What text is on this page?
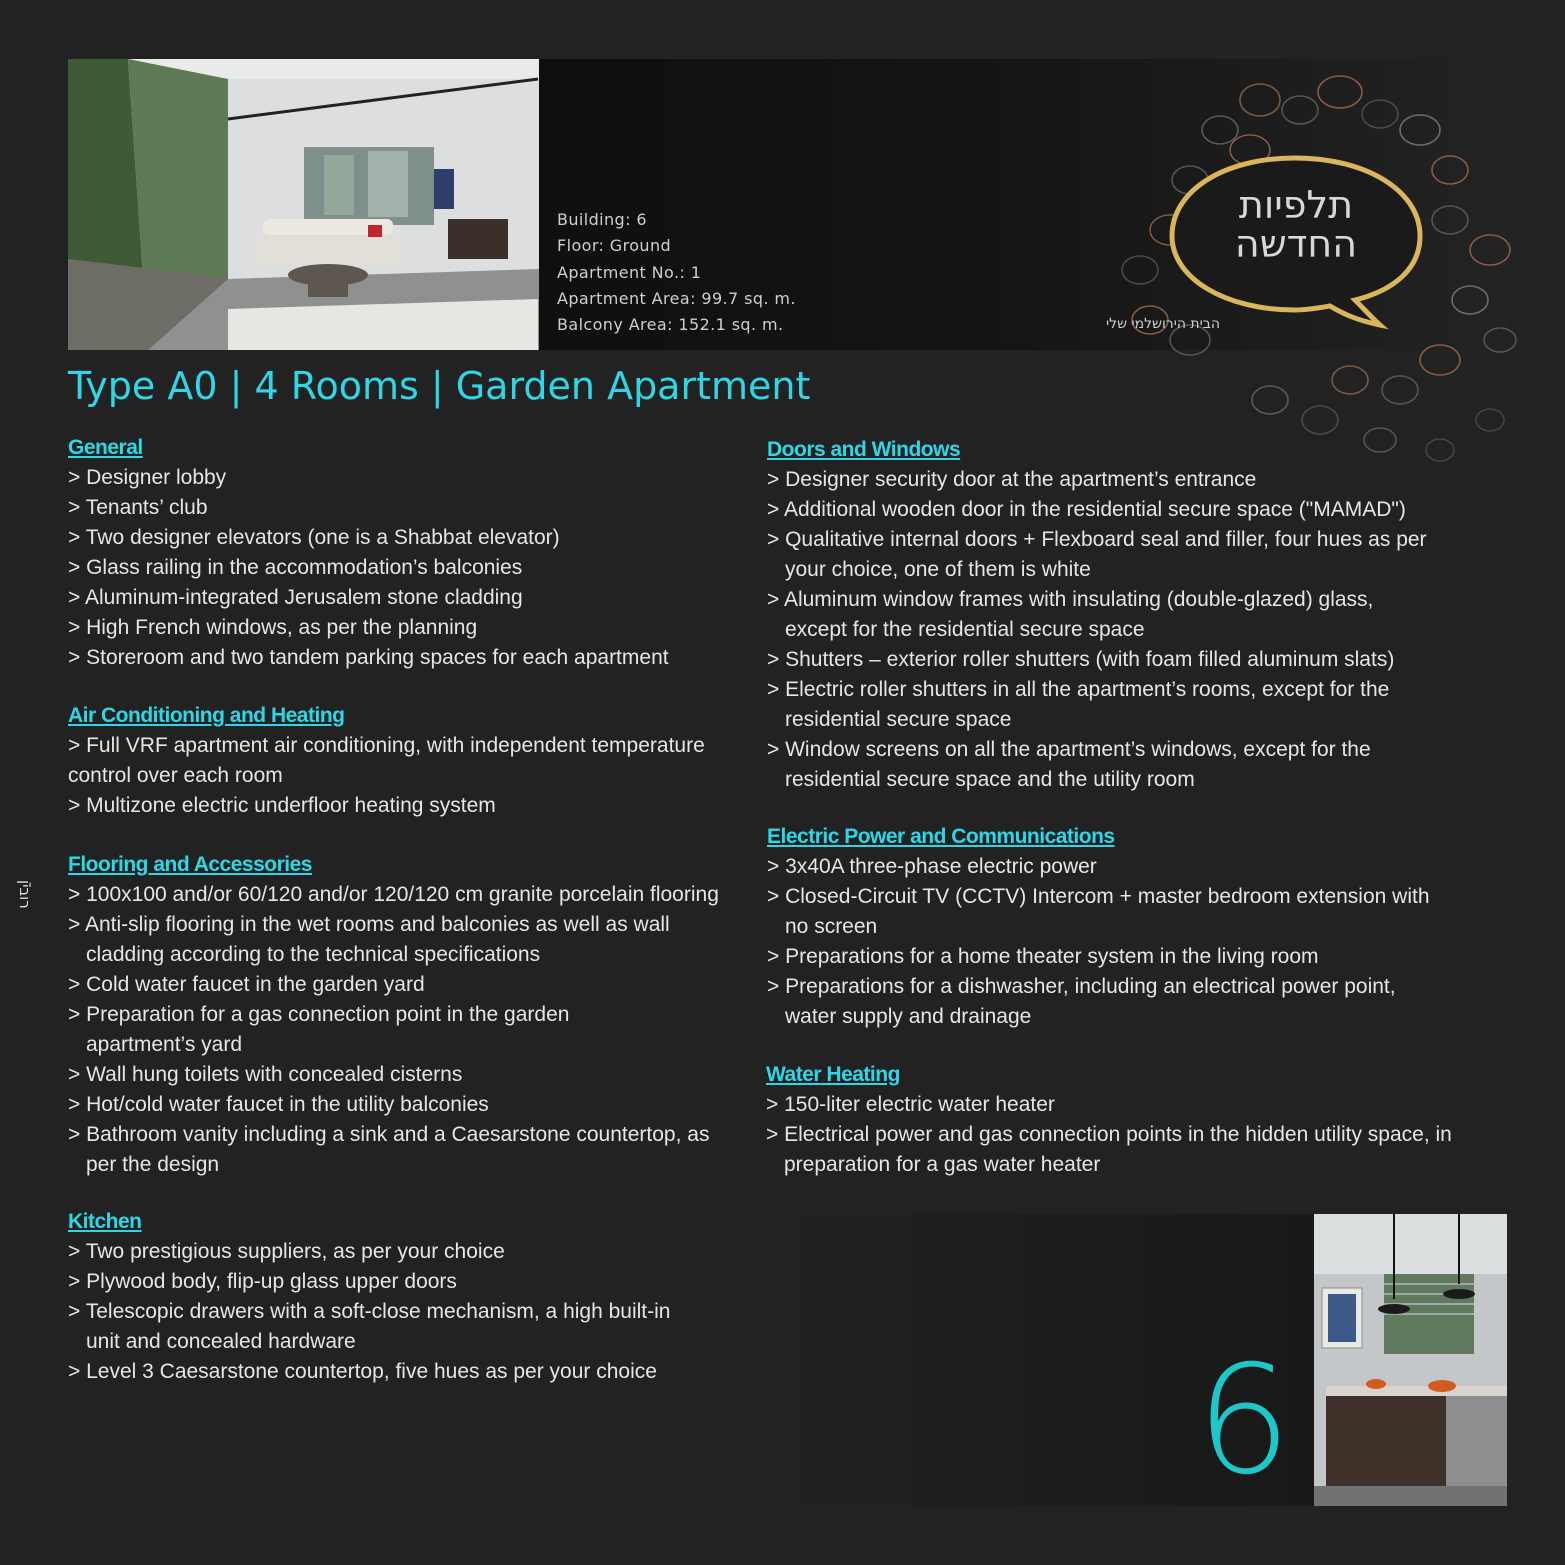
תלפיות
החדשה
הבית הירושלמי שלי
Building: 6
Floor: Ground
Apartment No.: 1
Apartment Area: 99.7 sq. m.
Balcony Area: 152.1 sq. m.
Type A0 | 4 Rooms | Garden Apartment
General
> Designer lobby
> Tenants’ club
> Two designer elevators (one is a Shabbat elevator)
> Glass railing in the accommodation’s balconies
> Aluminum-integrated Jerusalem stone cladding
> High French windows, as per the planning
> Storeroom and two tandem parking spaces for each apartment
Air Conditioning and Heating
> Full VRF apartment air conditioning, with independent temperature control over each room
> Multizone electric underfloor heating system
Flooring and Accessories
> 100x100 and/or 60/120 and/or 120/120 cm granite porcelain flooring
> Anti-slip flooring in the wet rooms and balconies as well as wall cladding according to the technical specifications
> Cold water faucet in the garden yard
> Preparation for a gas connection point in the garden apartment’s yard
> Wall hung toilets with concealed cisterns
> Hot/cold water faucet in the utility balconies
> Bathroom vanity including a sink and a Caesarstone countertop, as per the design
Kitchen
> Two prestigious suppliers, as per your choice
> Plywood body, flip-up glass upper doors
> Telescopic drawers with a soft-close mechanism, a high built-in unit and concealed hardware
> Level 3 Caesarstone countertop, five hues as per your choice
Doors and Windows
> Designer security door at the apartment’s entrance
> Additional wooden door in the residential secure space ("MAMAD")
> Qualitative internal doors + Flexboard seal and filler, four hues as per your choice, one of them is white
> Aluminum window frames with insulating (double-glazed) glass, except for the residential secure space
> Shutters – exterior roller shutters (with foam filled aluminum slats)
> Electric roller shutters in all the apartment’s rooms, except for the residential secure space
> Window screens on all the apartment’s windows, except for the residential secure space and the utility room
Electric Power and Communications
> 3x40A three-phase electric power
> Closed-Circuit TV (CCTV) Intercom + master bedroom extension with no screen
> Preparations for a home theater system in the living room
> Preparations for a dishwasher, including an electrical power point, water supply and drainage
Water Heating
> 150-liter electric water heater
> Electrical power and gas connection points in the hidden utility space, in preparation for a gas water heater
רוביןֿ
6
